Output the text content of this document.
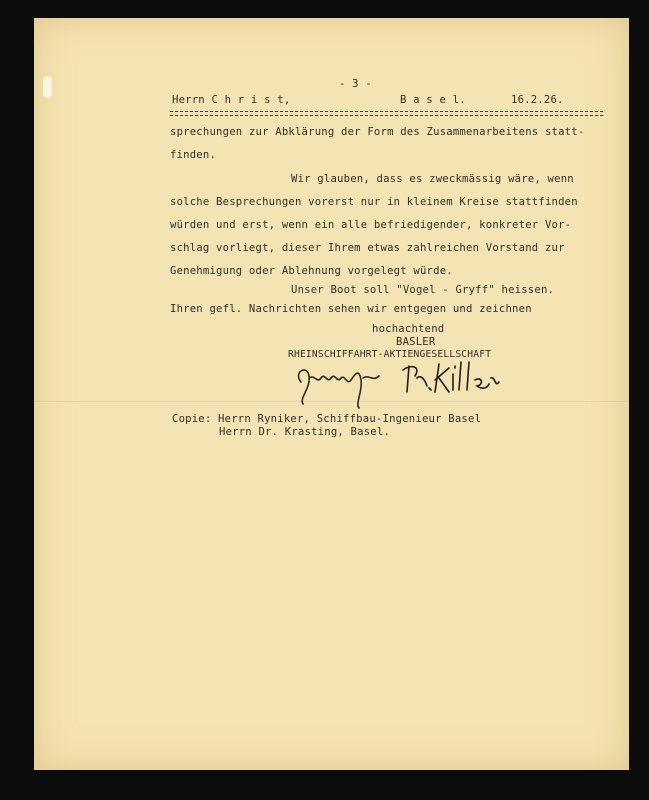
- 3 -
Herrn C h r i s t,	B a s e l.	16.2.26.
sprechungen zur Abklärung der Form des Zusammenarbeitens statt-
finden.
Wir glauben, dass es zweckmässig wäre, wenn
solche Besprechungen vorerst nur in kleinem Kreise stattfinden
würden und erst, wenn ein alle befriedigender, konkreter Vor-
schlag vorliegt, dieser Ihrem etwas zahlreichen Vorstand zur
Genehmigung oder Ablehnung vorgelegt würde.
Unser Boot soll "Vogel - Gryff" heissen.
Ihren gefl. Nachrichten sehen wir entgegen und zeichnen
hochachtend
BASLER
RHEINSCHIFFAHRT-AKTIENGESELLSCHAFT
Copie: Herrn Ryniker, Schiffbau-Ingenieur Basel
Herrn Dr. Krasting, Basel.
